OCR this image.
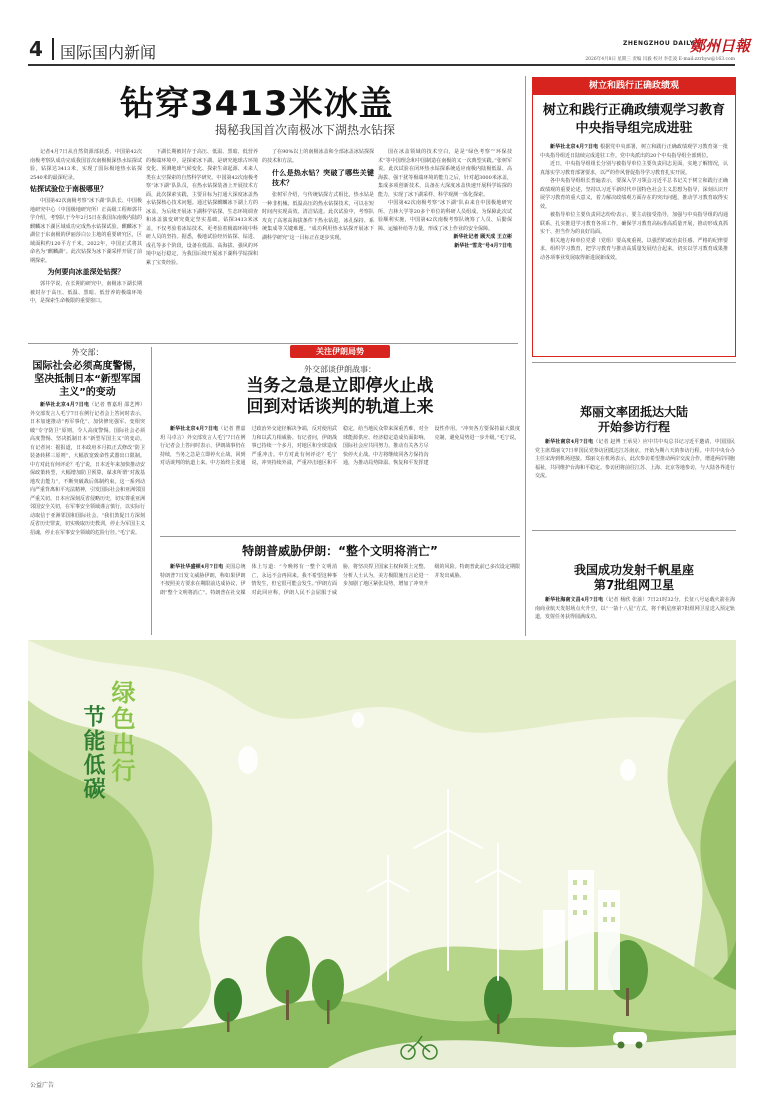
4 国际国内新闻	ZHENGZHOU DAILY
鄭州日報
2026年4月8日 星期三 责编 闫毅 校对 李佳凌 E-mail:zzrbyw@163.com
钻穿3413米冰盖
揭秘我国首次南极冰下湖热水钻探

记者4月7日从自然资源部获悉，中国第42次南极考察队成功完成我国首次南极极深热水钻探试验，钻探达3413米，实现了国际极地热水钻探2540米的最深纪录。

钻探试验位于南极哪里？

中国第42次南极考察“冰下湖”队队长、中国极地研究中心（中国极地研究所）正高级工程师郭井学介绍，考察队于今年2月5日在我国东南极内陆的麒麟冰下湖区域成功完成热水钻探试验。麒麟冰下湖位于东南极的伊丽莎白公主地的重要研究区，区域面积约120平方千米。2022年，中国正式将其命名为“麒麟湖”。此次钻探为冰下湖采样开展了前期探索。

为何要向冰盖深处钻探？

郭井学说，在长期的研究中，南极冰下湖长期被封存于高压、低温、黑暗、低营养的极端环境中，是探索生命极限的重要窗口。

下湖长期被封存于高压、低温、黑暗、低营养的极端环境中，是探索冰下湖、是研究地球古环境变化、预测地球气候变化、探索生命起源、未来人类在太空探索的自然科学研究。中国第42次南极考察“冰下湖”队队员，在热水钻探装备上开展技术方面，此次探索实践，主要目标为打通大深度冰盖热水钻探核心技术问题。通过钻探麒麟冰下湖上方的冰盖，为后续开展冰下湖科学钻探、生态环境调查和冰盖演变研究奠定坚实基础。钻探3413米冰盖，不仅考验着冰钻技术，更考验着极端环境中科研人员的坚持。据悉，极地试验经历钻探、钻进、成孔等多个阶段，设备在低温、高海拔、强风的环境中运行稳定，为我国后续开展冰下湖科学钻探积累了宝贵经验。

了在90%以上的南极冰盖和全部冰盖冰钻探探的技术和方法。

什么是热水钻？突破了哪些关键技术？

张树军介绍，与传统钻探方式相比，热水钻是一种非机械、低温高压的热水钻探技术，可以在短时间内实现高效、清洁钻进。此次试验中，考察队攻克了高寒高海拔条件下热水钻进、冰孔保持、系统集成等关键难题。“成功利用热水钻探开展冰下湖科学研究”这一目标正在逐步实现。

国在冰盖领域的技术空白，是是“绿色考察”“环保技术”等中国理念和中国制造在南极的又一次典型实践。”张树军说。此次试验在闭环热水钻探系统适应南极内陆极低温、高海拔、强干扰等极端环境的能力之后，针对超3000米冰盖，集成多项创新技术，具备在大深度冰盖快速开展科学钻探的能力，实现了冰下湖采样、科学观测一体化探索。

中国第42次南极考察“冰下湖”队由来自中国极地研究所、吉林大学等20多个单位的科研人员组成。为保障此次试验顺利实施，中国第42次南极考察队统筹了人员、后勤保障、运输补给等力量，形成了冰上作业的安全保障。

新华社记者 顾天成 王立彬
新华社“雪龙”号4月7日电
树立和践行正确政绩观
树立和践行正确政绩观学习教育中央指导组完成进驻

新华社北京4月7日电 根据党中央部署，树立和践行正确政绩观学习教育第一批中央指导组近日陆续完成进驻工作。党中央派出的20个中央指导组全部到位。

近日，中央指导组组长分别与被指导单位主要负责同志见面，实地了解情况，认真落实学习教育部署要求，以严的作风督促指导学习教育扎实开展。

各中央指导组组长普遍表示，要深入学习领会习近平总书记关于树立和践行正确政绩观的重要论述，坚持以习近平新时代中国特色社会主义思想为指导，深刻认识开展学习教育的重大意义，着力解决政绩观方面存在的突出问题，推动学习教育取得实效。

被指导单位主要负责同志纷纷表示，要主动接受指导，加强与中央指导组的沟通联系，扎实推进学习教育各项工作，确保学习教育高标准高质量开展，推动形成真抓实干、担当作为的良好局面。

相关地方和单位党委（党组）要高度重视，以强烈的政治责任感、严格的纪律要求，组织学习教育，把学习教育与推动高质量发展结合起来，切实以学习教育成果推动各项事业发展取得新进展新成效。

外交部：
国际社会必须高度警惕，坚决抵制日本“新型军国主义”的变动

新华社北京4月7日电（记者 曹嘉玥 邵艺博）外交部发言人毛宁7日在例行记者会上答问时表示，日本加速推动“再军事化”、加快修宪强军、变相突破“专守防卫”原则，令人高度警惕。国际社会必须高度警惕、坚决抵制日本“新型军国主义”的变动。有记者问：据报道，日本政府本月拟正式修改“防卫装备转移三原则”，大幅放宽致命性武器出口限制。中方对此有何评论？毛宁说，日本近年来加快推动安保政策转型，大幅增加防卫预算，谋求所谓“对敌基地攻击能力”，不断突破战后体制约束。这一系列动向严重背离和平宪法精神，引发国际社会和亚洲邻国严重关切。日本应深刻反省侵略历史，切实尊重亚洲邻国安全关切，在军事安全领域谨言慎行，以实际行动取信于亚洲邻国和国际社会。“我们敦促日方深刻反省历史罪责，切实吸取历史教训，停止为军国主义招魂，停止在军事安全领域的危险行径。”毛宁说。

关注伊朗局势
外交部谈伊朗战事：
当务之急是立即停火止战
回到对话谈判的轨道上来

新华社北京4月7日电（记者 曹嘉玥 马卓言）外交部发言人毛宁7日在例行记者会上答问时表示，伊朗战事仍在持续，当务之急是立即停火止战，回到对话谈判的轨道上来。中方始终主张通过政治外交途径解决争端，反对使用武力和以武力相威胁。有记者问，伊朗战事已持续一个多月，对地区和全球造成严重冲击。中方对此有何评论？毛宁说，冲突持续外溢，严重冲击地区和平稳定，给当地民众带来深重苦难，对全球能源供应、经济稳定造成负面影响。国际社会应共同努力，推动有关各方尽快停火止战。中方将继续同各方保持沟通，为推动局势降温、恢复和平发挥建设性作用。“冲突各方要保持最大限度克制，避免局势进一步升级。”毛宁说。

特朗普威胁伊朗：“整个文明将消亡”

新华社华盛顿4月7日电 美国总统特朗普7日发文威胁伊朗，称如果伊朗不按照美方要求在期限前达成协议，伊朗“整个文明将消亡”。特朗普在社交媒体上写道：“今晚将有一整个文明消亡，永远不会再回来。我不希望这种事情发生，但它很可能会发生。”伊朗方面对此回应称，伊朗人民不会屈服于威胁，将坚决捍卫国家主权和领土完整。分析人士认为，美方极限施压言论进一步加剧了地区紧张局势，增加了冲突升级的风险。特朗普此前已多次设定期限并发出威胁。

郑丽文率团抵达大陆
开始参访行程

新华社南京4月7日电（记者 赵博 王承昊）应中共中央总书记习近平邀请，中国国民党主席郑丽文7日率国民党参访团抵达江苏南京，开始为期六天的参访行程。中共中央台办主任宋涛到机场迎接。郑丽文在机场表示，此次参访希望推动两岸交流合作，增进两岸同胞福祉，共同维护台海和平稳定。参访团将前往江苏、上海、北京等地参访，与大陆各界进行交流。

我国成功发射千帆星座
第7批组网卫星

新华社海南文昌4月7日电（记者 杨欣 张渝）7日21时32分，长征八号运载火箭在海南商业航天发射场点火升空，以“一箭十八星”方式，将千帆星座第7批组网卫星送入预定轨道，发射任务获得圆满成功。

节能低碳 绿色出行
公益广告
